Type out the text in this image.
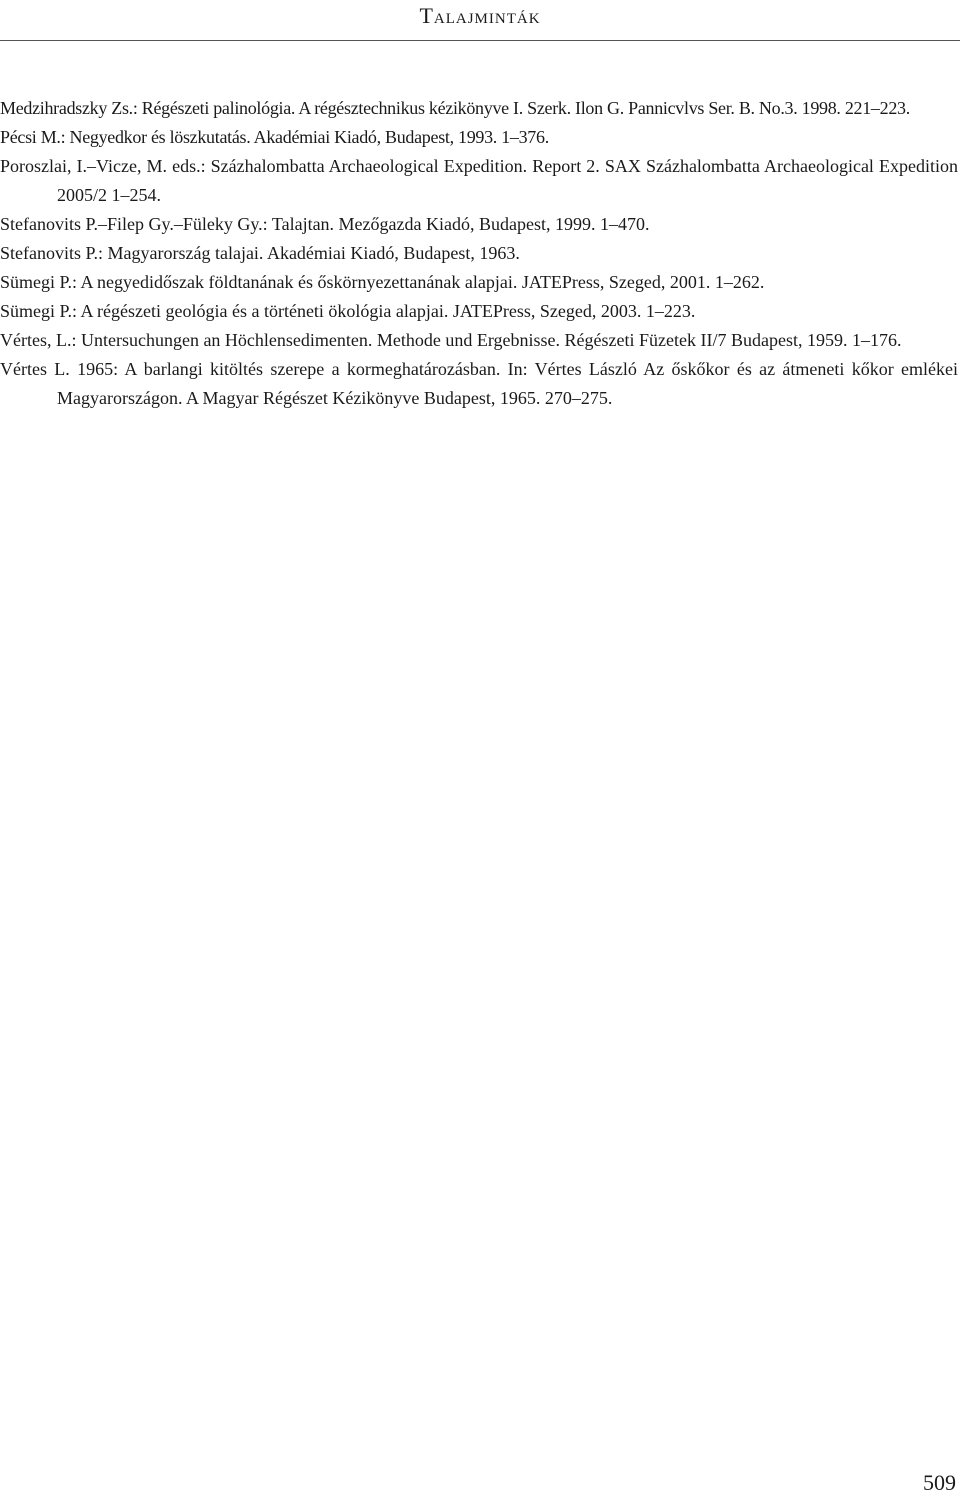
Talajminták
Medzihradszky Zs.: Régészeti palinológia. A régésztechnikus kézikönyve I. Szerk. Ilon G. Pannicvlvs Ser. B. No.3. 1998. 221–223.
Pécsi M.: Negyedkor és löszkutatás. Akadémiai Kiadó, Budapest, 1993. 1–376.
Poroszlai, I.–Vicze, M. eds.: Százhalombatta Archaeological Expedition. Report 2. SAX Százhalombatta Archaeological Expedition 2005/2 1–254.
Stefanovits P.–Filep Gy.–Füleky Gy.: Talajtan. Mezőgazda Kiadó, Budapest, 1999. 1–470.
Stefanovits P.: Magyarország talajai. Akadémiai Kiadó, Budapest, 1963.
Sümegi P.: A negyedidőszak földtanának és őskörnyezettanának alapjai. JATEPress, Szeged, 2001. 1–262.
Sümegi P.: A régészeti geológia és a történeti ökológia alapjai. JATEPress, Szeged, 2003. 1–223.
Vértes, L.: Untersuchungen an Höchlensedimenten. Methode und Ergebnisse. Régészeti Füzetek II/7 Budapest, 1959. 1–176.
Vértes L. 1965: A barlangi kitöltés szerepe a kormeghatározásban. In: Vértes László Az őskőkor és az átmeneti kőkor emlékei Magyarországon. A Magyar Régészet Kézikönyve Budapest, 1965. 270–275.
509
